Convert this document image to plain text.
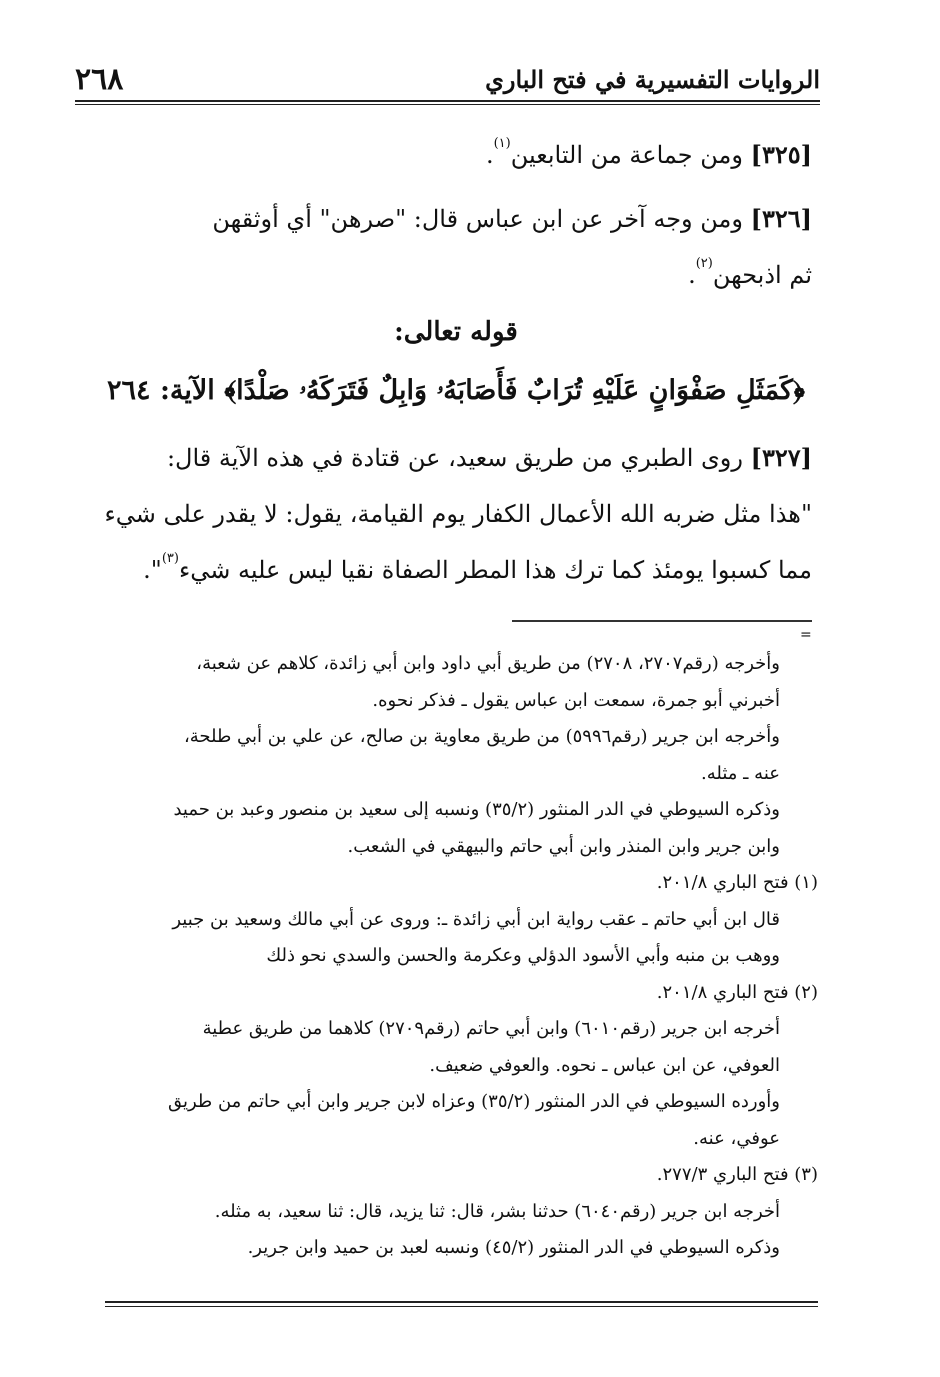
٢٦٨	الروايات التفسيرية في فتح الباري
[٣٢٥] ومن جماعة من التابعين$^{(١)}$.
[٣٢٦] ومن وجه آخر عن ابن عباس قال: "صرهن" أي أوثقهن
ثم اذبحهن$^{(٢)}$.
قوله تعالى:
﴿كَمَثَلِ صَفْوَانٍ عَلَيْهِ تُرَابٌ فَأَصَابَهُۥ وَابِلٌ فَتَرَكَهُۥ صَلْدًا﴾ الآية: ٢٦٤
[٣٢٧] روى الطبري من طريق سعيد، عن قتادة في هذه الآية قال:
"هذا مثل ضربه الله الأعمال الكفار يوم القيامة، يقول: لا يقدر على شيء
مما كسبوا يومئذ كما ترك هذا المطر الصفاة نقيا ليس عليه شيء$^{(٣)}$".
=
وأخرجه (رقم٢٧٠٧، ٢٧٠٨) من طريق أبي داود وابن أبي زائدة، كلاهم عن شعبة،
أخبرني أبو جمرة، سمعت ابن عباس يقول ـ فذكر نحوه.
وأخرجه ابن جرير (رقم٥٩٩٦) من طريق معاوية بن صالح، عن علي بن أبي طلحة،
عنه ـ مثله.
وذكره السيوطي في الدر المنثور (٣٥/٢) ونسبه إلى سعيد بن منصور وعبد بن حميد
وابن جرير وابن المنذر وابن أبي حاتم والبيهقي في الشعب.
(١) فتح الباري ٢٠١/٨.
قال ابن أبي حاتم ـ عقب رواية ابن أبي زائدة ـ: وروى عن أبي مالك وسعيد بن جبير
ووهب بن منبه وأبي الأسود الدؤلي وعكرمة والحسن والسدي نحو ذلك
(٢) فتح الباري ٢٠١/٨.
أخرجه ابن جرير (رقم٦٠١٠) وابن أبي حاتم (رقم٢٧٠٩) كلاهما من طريق عطية
العوفي، عن ابن عباس ـ نحوه. والعوفي ضعيف.
وأورده السيوطي في الدر المنثور (٣٥/٢) وعزاه لابن جرير وابن أبي حاتم من طريق
عوفي، عنه.
(٣) فتح الباري ٢٧٧/٣.
أخرجه ابن جرير (رقم٦٠٤٠) حدثنا بشر، قال: ثنا يزيد، قال: ثنا سعيد، به مثله.
وذكره السيوطي في الدر المنثور (٤٥/٢) ونسبه لعبد بن حميد وابن جرير.
